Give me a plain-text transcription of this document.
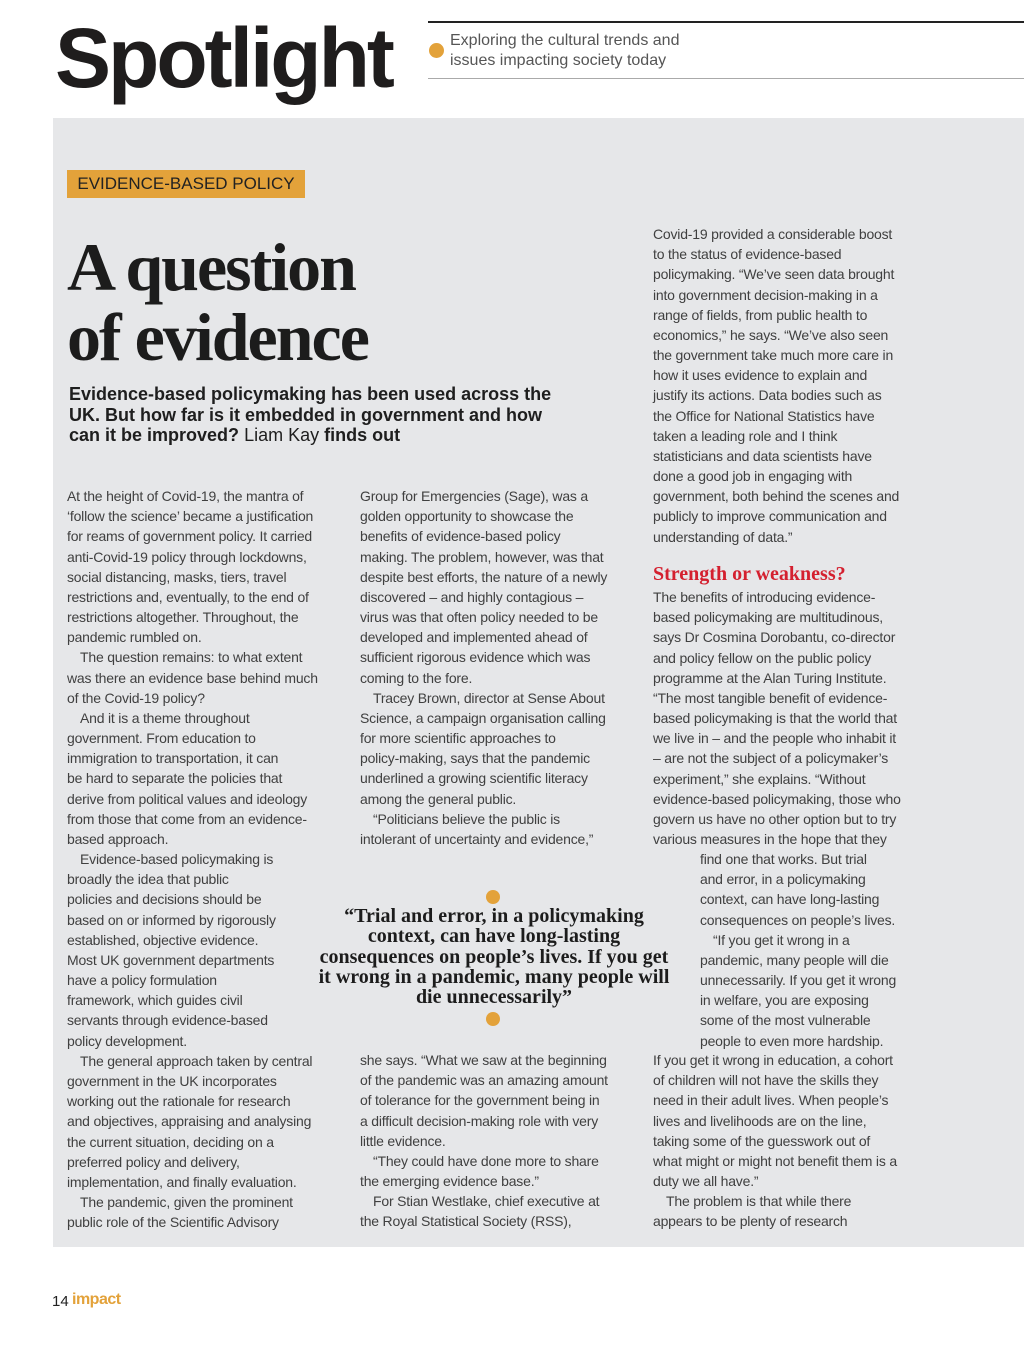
Spotlight	Exploring the cultural trends and
issues impacting society today
EVIDENCE-BASED POLICY
A question
of evidence
Evidence-based policymaking has been used across the
UK. But how far is it embedded in government and how
can it be improved? Liam Kay finds out
At the height of Covid-19, the mantra of
‘follow the science’ became a justification
for reams of government policy. It carried
anti-Covid-19 policy through lockdowns,
social distancing, masks, tiers, travel
restrictions and, eventually, to the end of
restrictions altogether. Throughout, the
pandemic rumbled on.
The question remains: to what extent
was there an evidence base behind much
of the Covid-19 policy?
And it is a theme throughout
government. From education to
immigration to transportation, it can
be hard to separate the policies that
derive from political values and ideology
from those that come from an evidence-
based approach.
Evidence-based policymaking is
broadly the idea that public
policies and decisions should be
based on or informed by rigorously
established, objective evidence.
Most UK government departments
have a policy formulation
framework, which guides civil
servants through evidence-based
policy development.
The general approach taken by central
government in the UK incorporates
working out the rationale for research
and objectives, appraising and analysing
the current situation, deciding on a
preferred policy and delivery,
implementation, and finally evaluation.
The pandemic, given the prominent
public role of the Scientific Advisory
Group for Emergencies (Sage), was a
golden opportunity to showcase the
benefits of evidence-based policy
making. The problem, however, was that
despite best efforts, the nature of a newly
discovered – and highly contagious –
virus was that often policy needed to be
developed and implemented ahead of
sufficient rigorous evidence which was
coming to the fore.
Tracey Brown, director at Sense About
Science, a campaign organisation calling
for more scientific approaches to
policy-making, says that the pandemic
underlined a growing scientific literacy
among the general public.
“Politicians believe the public is
intolerant of uncertainty and evidence,”
she says. “What we saw at the beginning
of the pandemic was an amazing amount
of tolerance for the government being in
a difficult decision-making role with very
little evidence.
“They could have done more to share
the emerging evidence base.”
For Stian Westlake, chief executive at
the Royal Statistical Society (RSS),
Covid-19 provided a considerable boost
to the status of evidence-based
policymaking. “We’ve seen data brought
into government decision-making in a
range of fields, from public health to
economics,” he says. “We’ve also seen
the government take much more care in
how it uses evidence to explain and
justify its actions. Data bodies such as
the Office for National Statistics have
taken a leading role and I think
statisticians and data scientists have
done a good job in engaging with
government, both behind the scenes and
publicly to improve communication and
understanding of data.”
Strength or weakness?
The benefits of introducing evidence-
based policymaking are multitudinous,
says Dr Cosmina Dorobantu, co-director
and policy fellow on the public policy
programme at the Alan Turing Institute.
“The most tangible benefit of evidence-
based policymaking is that the world that
we live in – and the people who inhabit it
– are not the subject of a policymaker’s
experiment,” she explains. “Without
evidence-based policymaking, those who
govern us have no other option but to try
various measures in the hope that they
find one that works. But trial
and error, in a policymaking
context, can have long-lasting
consequences on people’s lives.
“If you get it wrong in a
pandemic, many people will die
unnecessarily. If you get it wrong
in welfare, you are exposing
some of the most vulnerable
people to even more hardship.
If you get it wrong in education, a cohort
of children will not have the skills they
need in their adult lives. When people’s
lives and livelihoods are on the line,
taking some of the guesswork out of
what might or might not benefit them is a
duty we all have.”
The problem is that while there
appears to be plenty of research
“Trial and error, in a policymaking
context, can have long-lasting
consequences on people’s lives. If you get
it wrong in a pandemic, many people will
die unnecessarily”
14 impact
